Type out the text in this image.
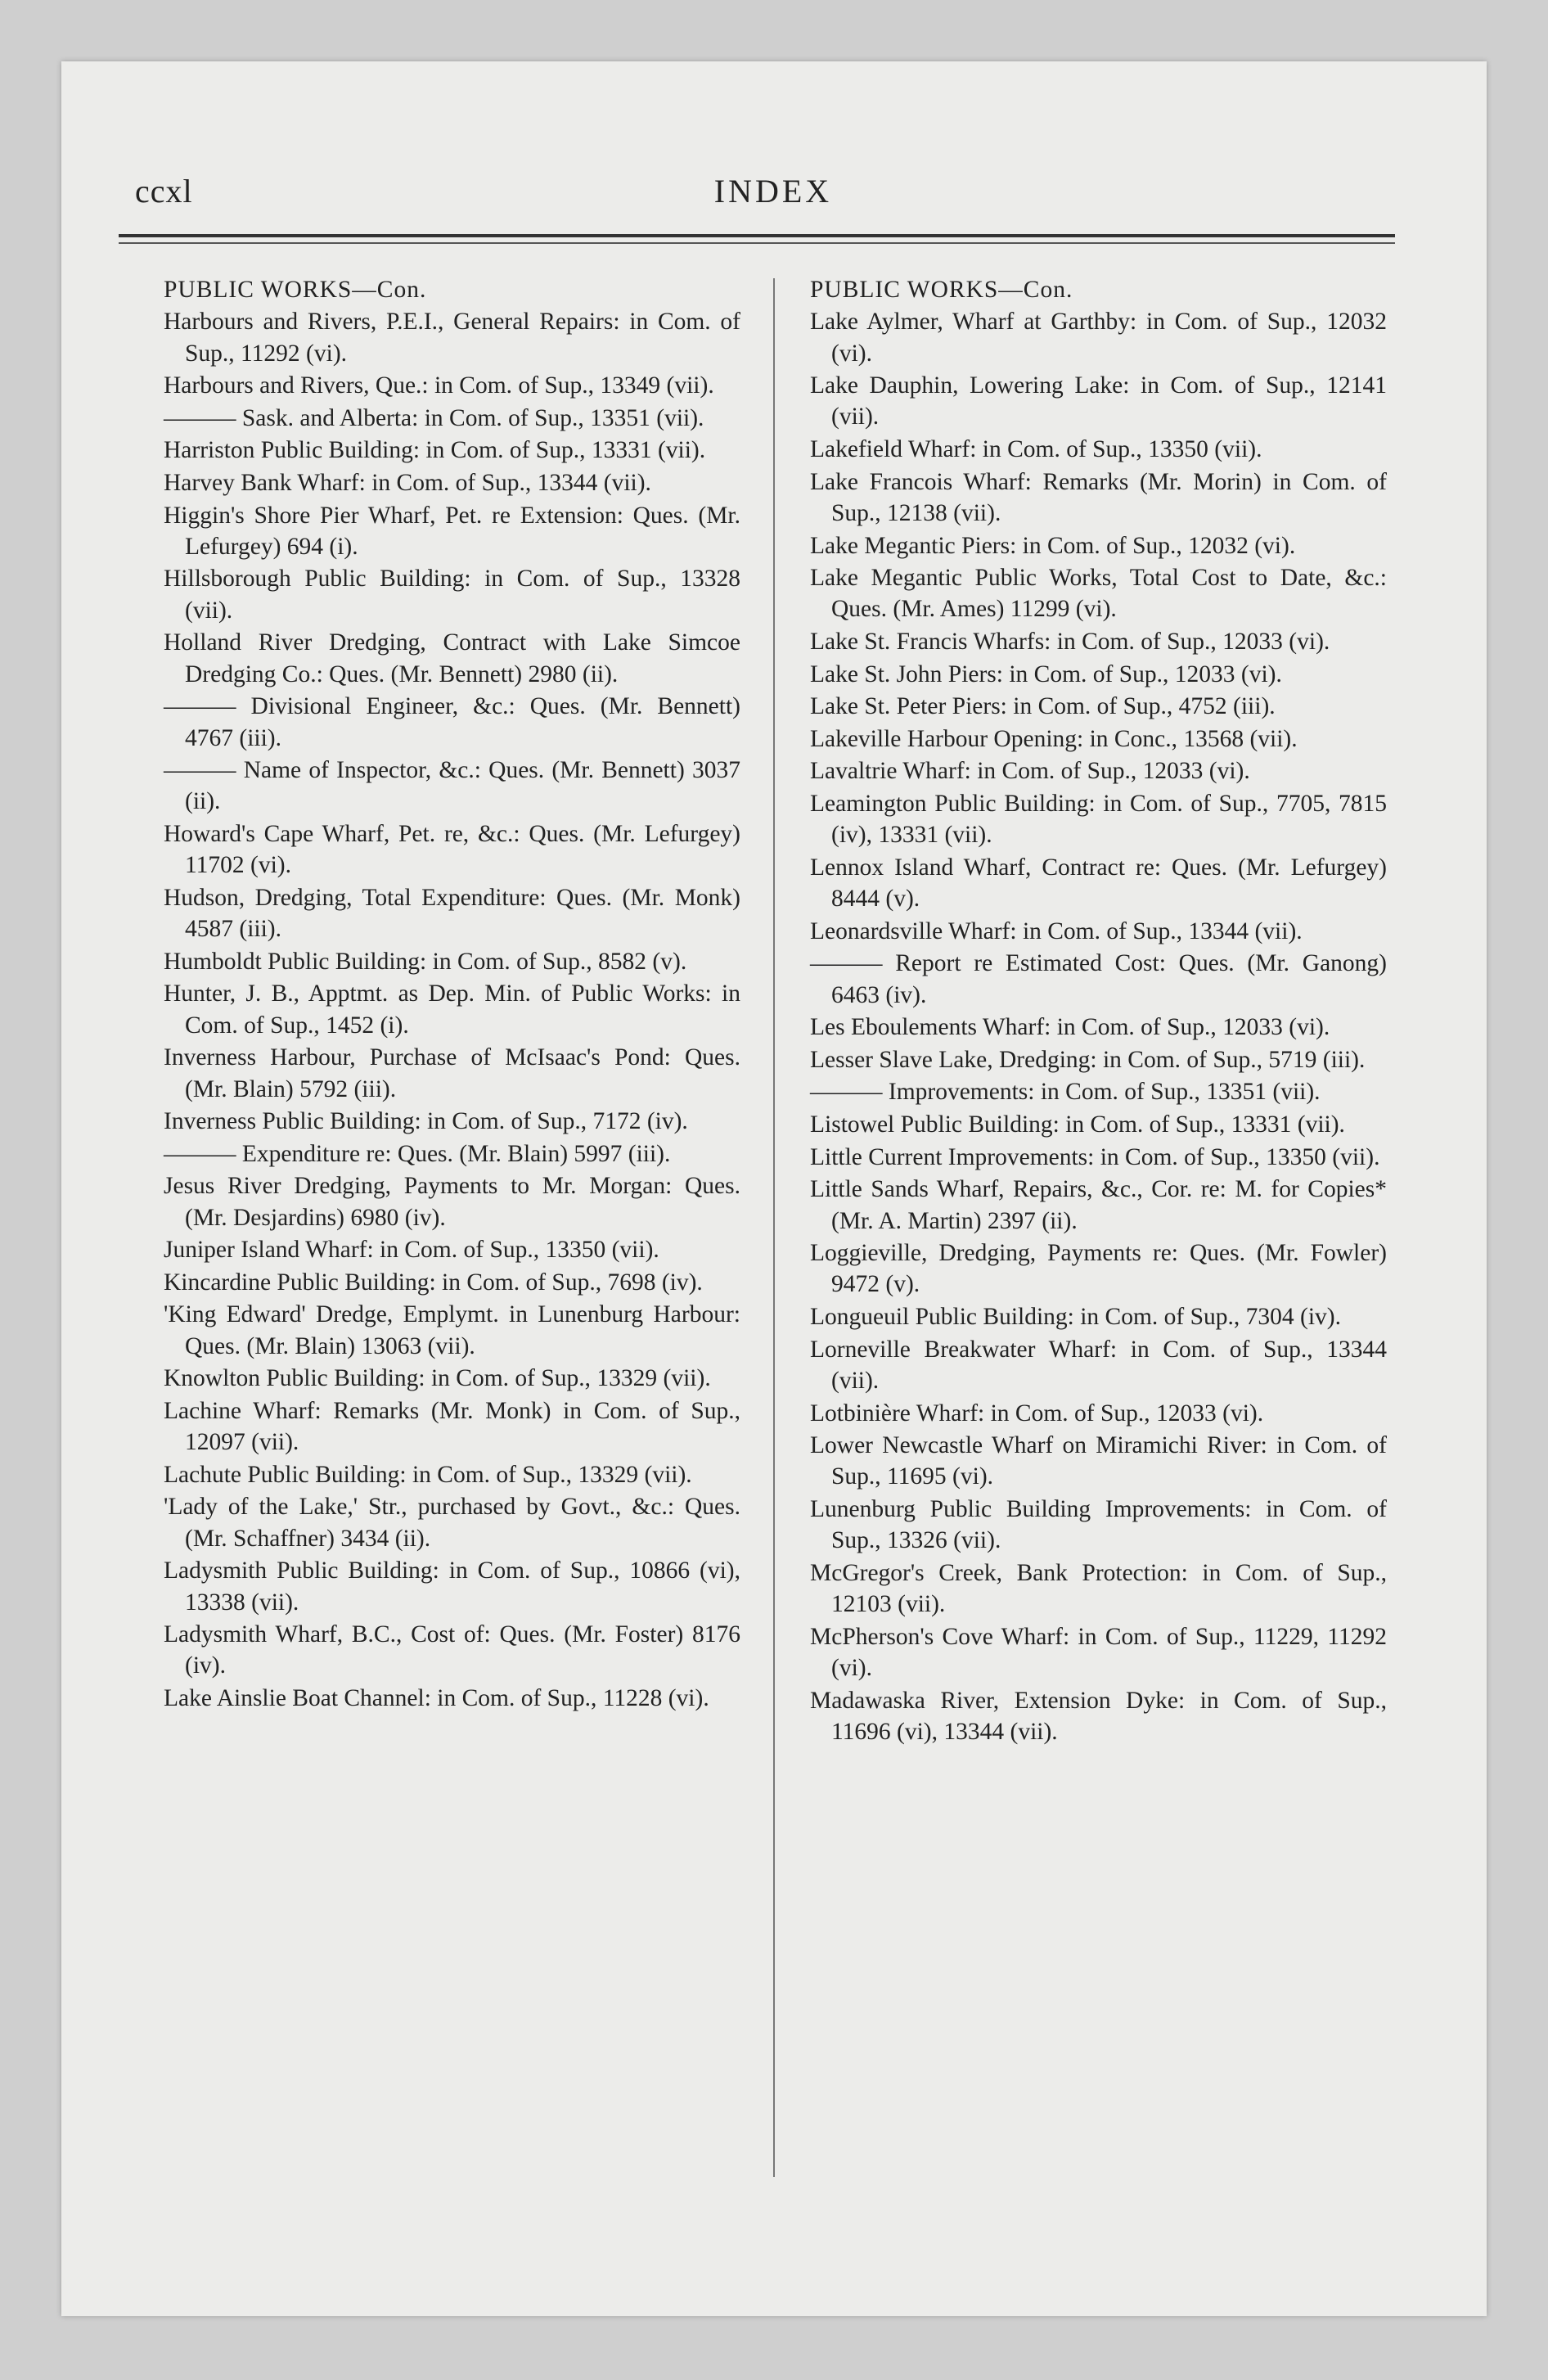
ccxl	INDEX
PUBLIC WORKS—Con.

Harbours and Rivers, P.E.I., General Repairs: in Com. of Sup., 11292 (vi).

Harbours and Rivers, Que.: in Com. of Sup., 13349 (vii).

——— Sask. and Alberta: in Com. of Sup., 13351 (vii).

Harriston Public Building: in Com. of Sup., 13331 (vii).

Harvey Bank Wharf: in Com. of Sup., 13344 (vii).

Higgin's Shore Pier Wharf, Pet. re Extension: Ques. (Mr. Lefurgey) 694 (i).

Hillsborough Public Building: in Com. of Sup., 13328 (vii).

Holland River Dredging, Contract with Lake Simcoe Dredging Co.: Ques. (Mr. Bennett) 2980 (ii).

——— Divisional Engineer, &c.: Ques. (Mr. Bennett) 4767 (iii).

——— Name of Inspector, &c.: Ques. (Mr. Bennett) 3037 (ii).

Howard's Cape Wharf, Pet. re, &c.: Ques. (Mr. Lefurgey) 11702 (vi).

Hudson, Dredging, Total Expenditure: Ques. (Mr. Monk) 4587 (iii).

Humboldt Public Building: in Com. of Sup., 8582 (v).

Hunter, J. B., Apptmt. as Dep. Min. of Public Works: in Com. of Sup., 1452 (i).

Inverness Harbour, Purchase of McIsaac's Pond: Ques. (Mr. Blain) 5792 (iii).

Inverness Public Building: in Com. of Sup., 7172 (iv).

——— Expenditure re: Ques. (Mr. Blain) 5997 (iii).

Jesus River Dredging, Payments to Mr. Morgan: Ques. (Mr. Desjardins) 6980 (iv).

Juniper Island Wharf: in Com. of Sup., 13350 (vii).

Kincardine Public Building: in Com. of Sup., 7698 (iv).

'King Edward' Dredge, Emplymt. in Lunenburg Harbour: Ques. (Mr. Blain) 13063 (vii).

Knowlton Public Building: in Com. of Sup., 13329 (vii).

Lachine Wharf: Remarks (Mr. Monk) in Com. of Sup., 12097 (vii).

Lachute Public Building: in Com. of Sup., 13329 (vii).

'Lady of the Lake,' Str., purchased by Govt., &c.: Ques. (Mr. Schaffner) 3434 (ii).

Ladysmith Public Building: in Com. of Sup., 10866 (vi), 13338 (vii).

Ladysmith Wharf, B.C., Cost of: Ques. (Mr. Foster) 8176 (iv).

Lake Ainslie Boat Channel: in Com. of Sup., 11228 (vi).

PUBLIC WORKS—Con.

Lake Aylmer, Wharf at Garthby: in Com. of Sup., 12032 (vi).

Lake Dauphin, Lowering Lake: in Com. of Sup., 12141 (vii).

Lakefield Wharf: in Com. of Sup., 13350 (vii).

Lake Francois Wharf: Remarks (Mr. Morin) in Com. of Sup., 12138 (vii).

Lake Megantic Piers: in Com. of Sup., 12032 (vi).

Lake Megantic Public Works, Total Cost to Date, &c.: Ques. (Mr. Ames) 11299 (vi).

Lake St. Francis Wharfs: in Com. of Sup., 12033 (vi).

Lake St. John Piers: in Com. of Sup., 12033 (vi).

Lake St. Peter Piers: in Com. of Sup., 4752 (iii).

Lakeville Harbour Opening: in Conc., 13568 (vii).

Lavaltrie Wharf: in Com. of Sup., 12033 (vi).

Leamington Public Building: in Com. of Sup., 7705, 7815 (iv), 13331 (vii).

Lennox Island Wharf, Contract re: Ques. (Mr. Lefurgey) 8444 (v).

Leonardsville Wharf: in Com. of Sup., 13344 (vii).

——— Report re Estimated Cost: Ques. (Mr. Ganong) 6463 (iv).

Les Eboulements Wharf: in Com. of Sup., 12033 (vi).

Lesser Slave Lake, Dredging: in Com. of Sup., 5719 (iii).

——— Improvements: in Com. of Sup., 13351 (vii).

Listowel Public Building: in Com. of Sup., 13331 (vii).

Little Current Improvements: in Com. of Sup., 13350 (vii).

Little Sands Wharf, Repairs, &c., Cor. re: M. for Copies* (Mr. A. Martin) 2397 (ii).

Loggieville, Dredging, Payments re: Ques. (Mr. Fowler) 9472 (v).

Longueuil Public Building: in Com. of Sup., 7304 (iv).

Lorneville Breakwater Wharf: in Com. of Sup., 13344 (vii).

Lotbinière Wharf: in Com. of Sup., 12033 (vi).

Lower Newcastle Wharf on Miramichi River: in Com. of Sup., 11695 (vi).

Lunenburg Public Building Improvements: in Com. of Sup., 13326 (vii).

McGregor's Creek, Bank Protection: in Com. of Sup., 12103 (vii).

McPherson's Cove Wharf: in Com. of Sup., 11229, 11292 (vi).

Madawaska River, Extension Dyke: in Com. of Sup., 11696 (vi), 13344 (vii).
